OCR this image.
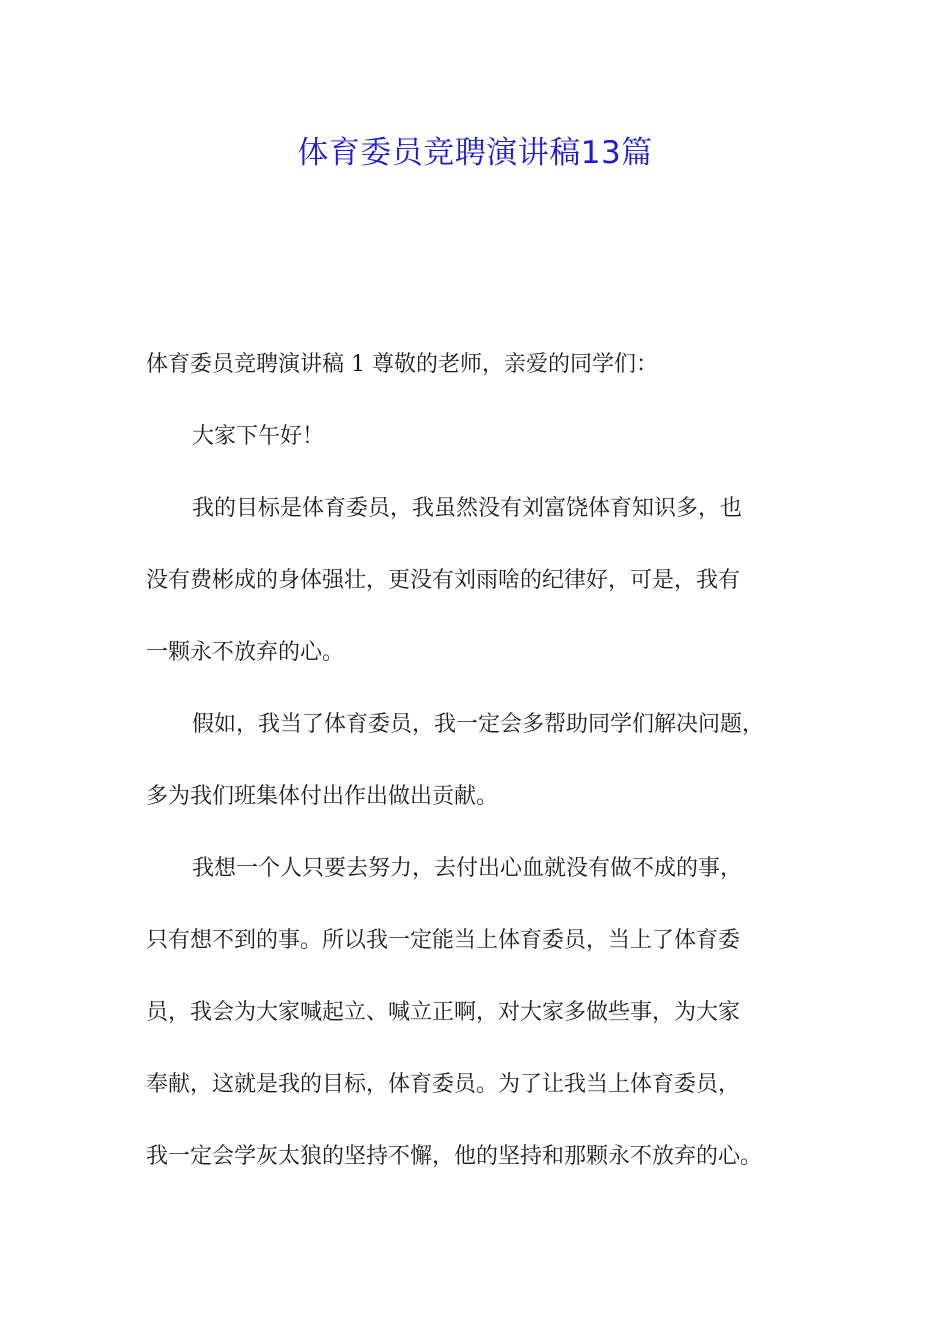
体育委员竞聘演讲稿13篇
体育委员竞聘演讲稿 1 尊敬的老师，亲爱的同学们：
大家下午好！
我的目标是体育委员，我虽然没有刘富饶体育知识多，也
没有费彬成的身体强壮，更没有刘雨啥的纪律好，可是，我有
一颗永不放弃的心。
假如，我当了体育委员，我一定会多帮助同学们解决问题，
多为我们班集体付出作出做出贡献。
我想一个人只要去努力，去付出心血就没有做不成的事，
只有想不到的事。所以我一定能当上体育委员，当上了体育委
员，我会为大家喊起立、喊立正啊，对大家多做些事，为大家
奉献，这就是我的目标，体育委员。为了让我当上体育委员，
我一定会学灰太狼的坚持不懈，他的坚持和那颗永不放弃的心。
